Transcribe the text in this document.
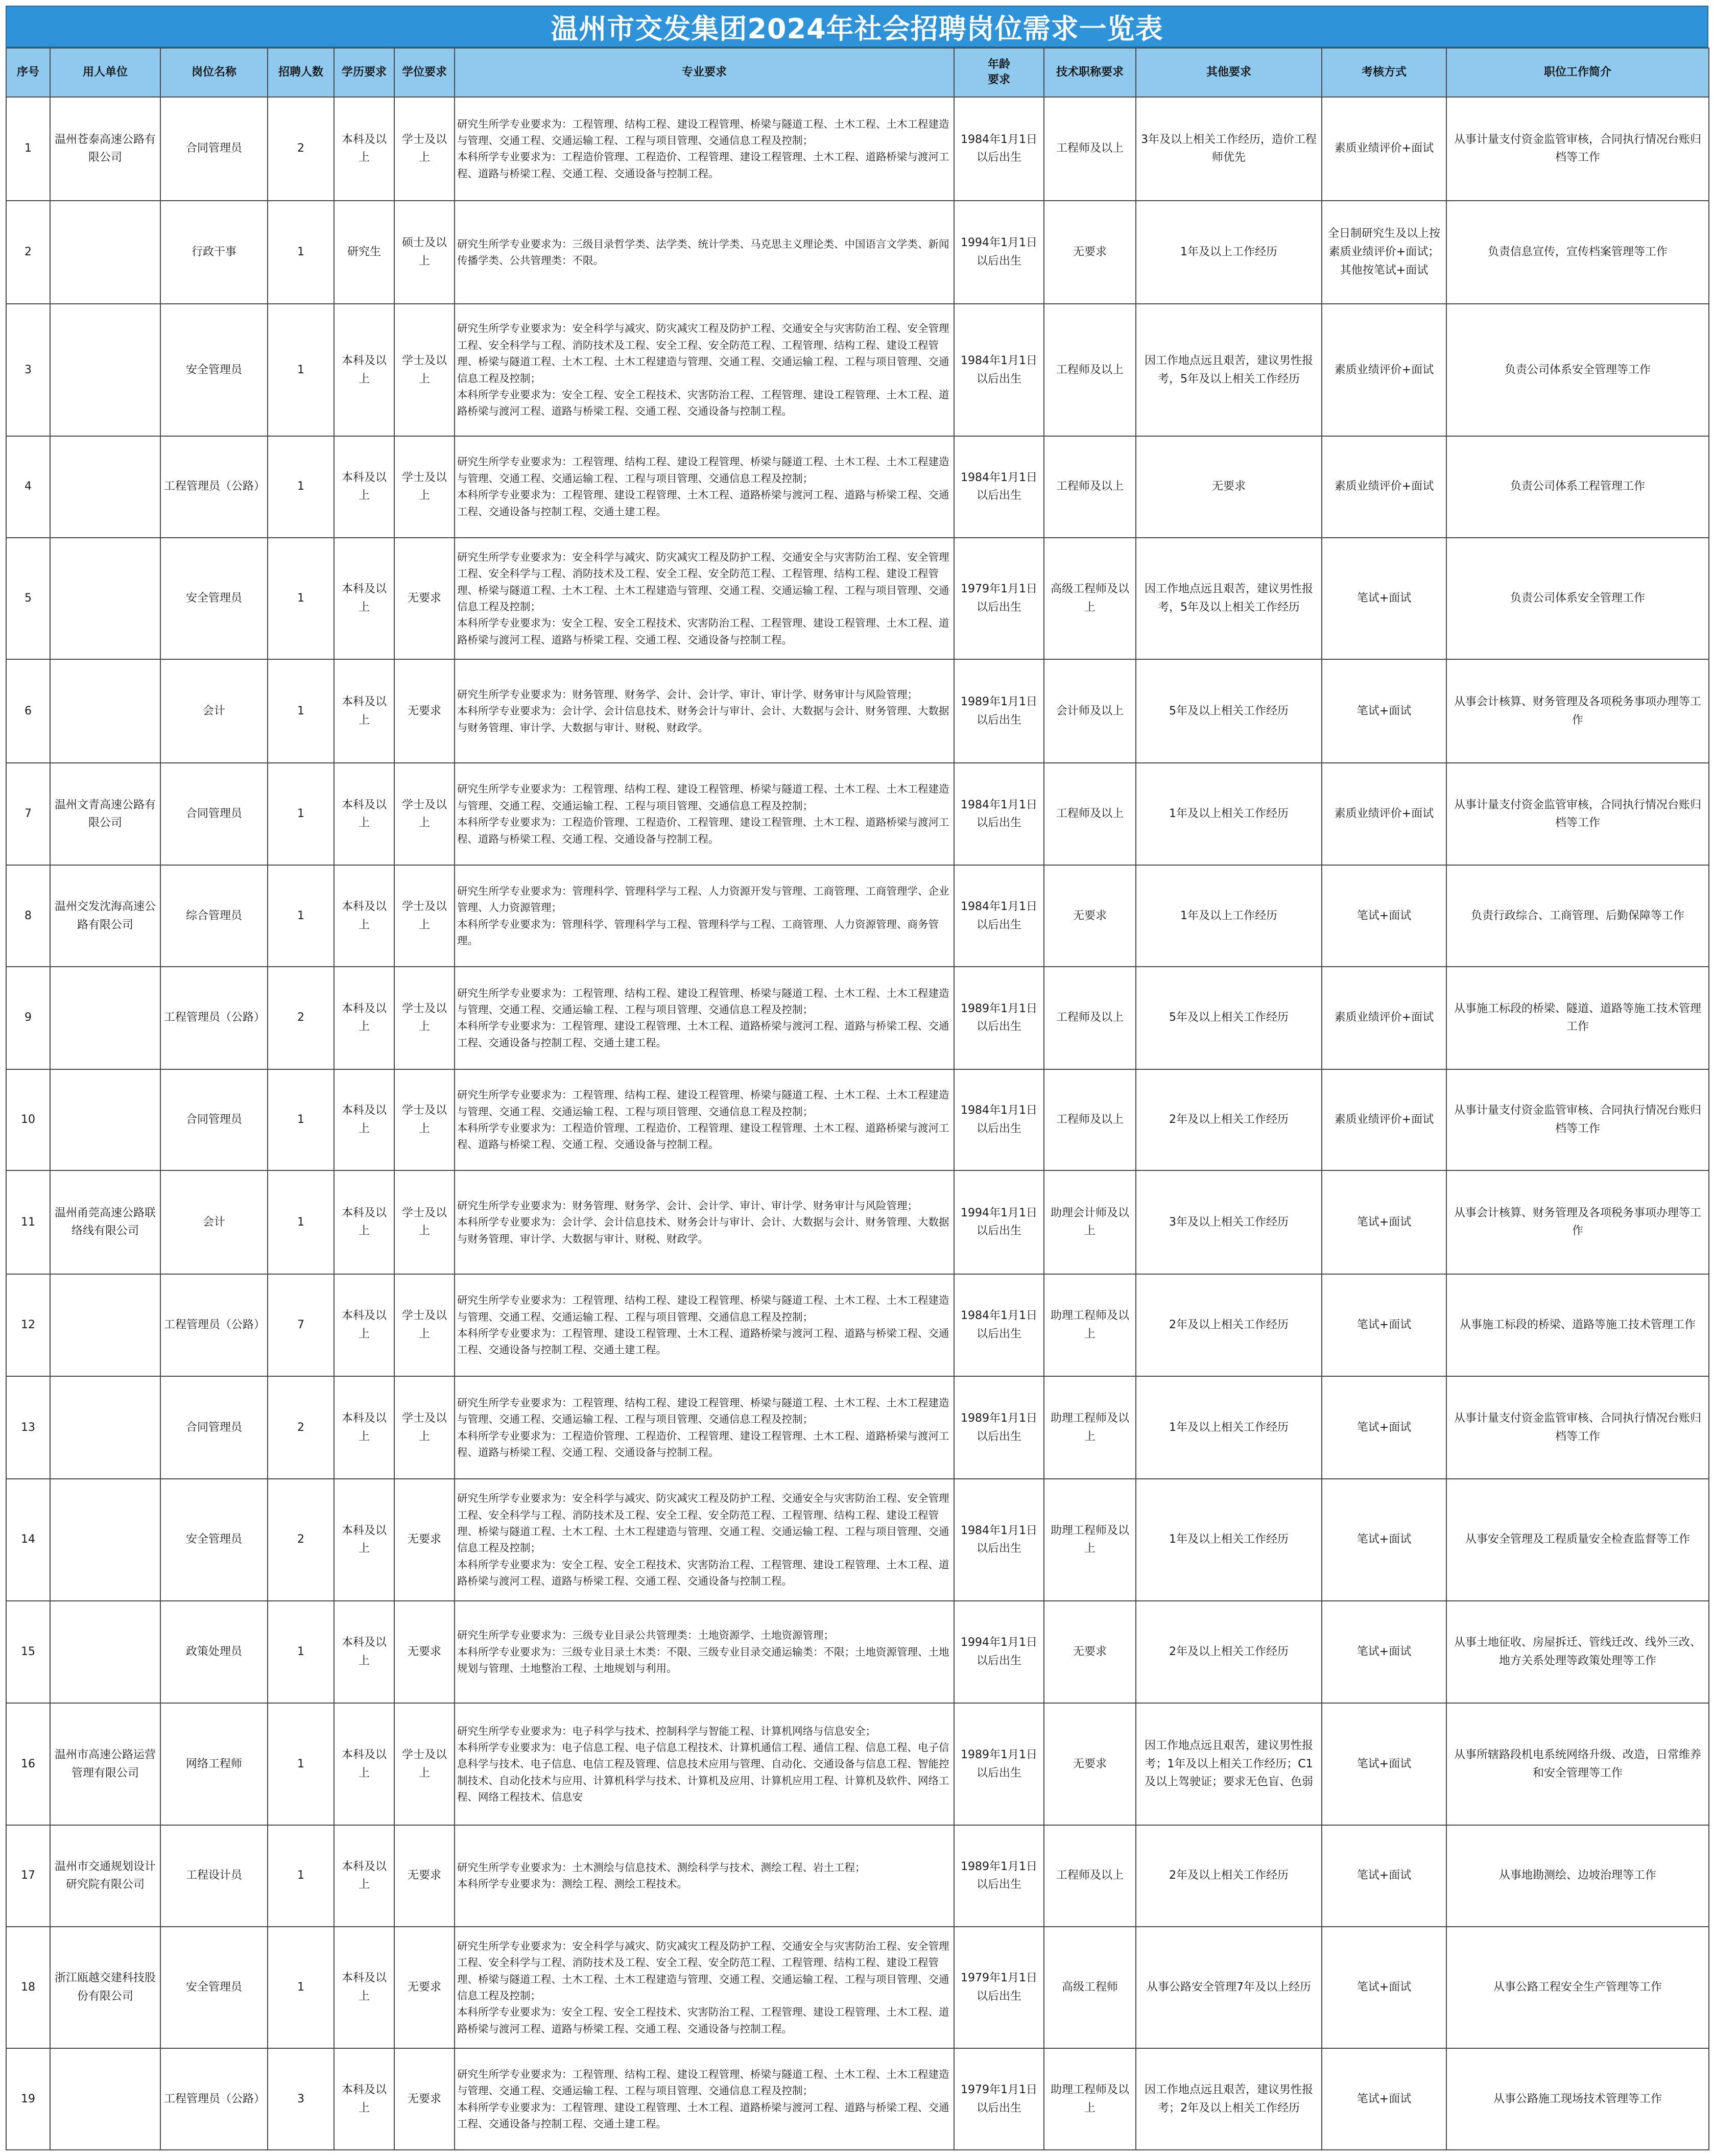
温州市交发集团2024年社会招聘岗位需求一览表
序号	用人单位	岗位名称	招聘人数	学历要求	学位要求	专业要求	年龄
要求	技术职称要求	其他要求	考核方式	职位工作简介
1	温州苍泰高速公路有限公司	合同管理员	2	本科及以上	学士及以上	研究生所学专业要求为：工程管理、结构工程、建设工程管理、桥梁与隧道工程、土木工程、土木工程建造与管理、交通工程、交通运输工程、工程与项目管理、交通信息工程及控制；
本科所学专业要求为：工程造价管理、工程造价、工程管理、建设工程管理、土木工程、道路桥梁与渡河工程、道路与桥梁工程、交通工程、交通设备与控制工程。	1984年1月1日以后出生	工程师及以上	3年及以上相关工作经历，造价工程师优先	素质业绩评价+面试	从事计量支付资金监管审核，合同执行情况台账归档等工作
2		行政干事	1	研究生	硕士及以上	研究生所学专业要求为：三级目录哲学类、法学类、统计学类、马克思主义理论类、中国语言文学类、新闻传播学类、公共管理类：不限。	1994年1月1日以后出生	无要求	1年及以上工作经历	全日制研究生及以上按素质业绩评价+面试；其他按笔试+面试	负责信息宣传，宣传档案管理等工作
3		安全管理员	1	本科及以上	学士及以上	研究生所学专业要求为：安全科学与减灾、防灾减灾工程及防护工程、交通安全与灾害防治工程、安全管理工程、安全科学与工程、消防技术及工程、安全工程、安全防范工程、工程管理、结构工程、建设工程管理、桥梁与隧道工程、土木工程、土木工程建造与管理、交通工程、交通运输工程、工程与项目管理、交通信息工程及控制；
本科所学专业要求为：安全工程、安全工程技术、灾害防治工程、工程管理、建设工程管理、土木工程、道路桥梁与渡河工程、道路与桥梁工程、交通工程、交通设备与控制工程。	1984年1月1日以后出生	工程师及以上	因工作地点远且艰苦，建议男性报考，5年及以上相关工作经历	素质业绩评价+面试	负责公司体系安全管理等工作
4		工程管理员（公路）	1	本科及以上	学士及以上	研究生所学专业要求为：工程管理、结构工程、建设工程管理、桥梁与隧道工程、土木工程、土木工程建造与管理、交通工程、交通运输工程、工程与项目管理、交通信息工程及控制；
本科所学专业要求为：工程管理、建设工程管理、土木工程、道路桥梁与渡河工程、道路与桥梁工程、交通工程、交通设备与控制工程、交通土建工程。	1984年1月1日以后出生	工程师及以上	无要求	素质业绩评价+面试	负责公司体系工程管理工作
5		安全管理员	1	本科及以上	无要求	研究生所学专业要求为：安全科学与减灾、防灾减灾工程及防护工程、交通安全与灾害防治工程、安全管理工程、安全科学与工程、消防技术及工程、安全工程、安全防范工程、工程管理、结构工程、建设工程管理、桥梁与隧道工程、土木工程、土木工程建造与管理、交通工程、交通运输工程、工程与项目管理、交通信息工程及控制；
本科所学专业要求为：安全工程、安全工程技术、灾害防治工程、工程管理、建设工程管理、土木工程、道路桥梁与渡河工程、道路与桥梁工程、交通工程、交通设备与控制工程。	1979年1月1日以后出生	高级工程师及以上	因工作地点远且艰苦，建议男性报考，5年及以上相关工作经历	笔试+面试	负责公司体系安全管理工作
6		会计	1	本科及以上	无要求	研究生所学专业要求为：财务管理、财务学、会计、会计学、审计、审计学、财务审计与风险管理；
本科所学专业要求为：会计学、会计信息技术、财务会计与审计、会计、大数据与会计、财务管理、大数据与财务管理、审计学、大数据与审计、财税、财政学。	1989年1月1日以后出生	会计师及以上	5年及以上相关工作经历	笔试+面试	从事会计核算、财务管理及各项税务事项办理等工作
7	温州文青高速公路有限公司	合同管理员	1	本科及以上	学士及以上	研究生所学专业要求为：工程管理、结构工程、建设工程管理、桥梁与隧道工程、土木工程、土木工程建造与管理、交通工程、交通运输工程、工程与项目管理、交通信息工程及控制；
本科所学专业要求为：工程造价管理、工程造价、工程管理、建设工程管理、土木工程、道路桥梁与渡河工程、道路与桥梁工程、交通工程、交通设备与控制工程。	1984年1月1日以后出生	工程师及以上	1年及以上相关工作经历	素质业绩评价+面试	从事计量支付资金监管审核，合同执行情况台账归档等工作
8	温州交发沈海高速公路有限公司	综合管理员	1	本科及以上	学士及以上	研究生所学专业要求为：管理科学、管理科学与工程、人力资源开发与管理、工商管理、工商管理学、企业管理、人力资源管理；
本科所学专业要求为：管理科学、管理科学与工程、管理科学与工程、工商管理、人力资源管理、商务管理。	1984年1月1日以后出生	无要求	1年及以上工作经历	笔试+面试	负责行政综合、工商管理、后勤保障等工作
9		工程管理员（公路）	2	本科及以上	学士及以上	研究生所学专业要求为：工程管理、结构工程、建设工程管理、桥梁与隧道工程、土木工程、土木工程建造与管理、交通工程、交通运输工程、工程与项目管理、交通信息工程及控制；
本科所学专业要求为：工程管理、建设工程管理、土木工程、道路桥梁与渡河工程、道路与桥梁工程、交通工程、交通设备与控制工程、交通土建工程。	1989年1月1日以后出生	工程师及以上	5年及以上相关工作经历	素质业绩评价+面试	从事施工标段的桥梁、隧道、道路等施工技术管理工作
10		合同管理员	1	本科及以上	学士及以上	研究生所学专业要求为：工程管理、结构工程、建设工程管理、桥梁与隧道工程、土木工程、土木工程建造与管理、交通工程、交通运输工程、工程与项目管理、交通信息工程及控制；
本科所学专业要求为：工程造价管理、工程造价、工程管理、建设工程管理、土木工程、道路桥梁与渡河工程、道路与桥梁工程、交通工程、交通设备与控制工程。	1984年1月1日以后出生	工程师及以上	2年及以上相关工作经历	素质业绩评价+面试	从事计量支付资金监管审核、合同执行情况台账归档等工作
11	温州甬莞高速公路联络线有限公司	会计	1	本科及以上	学士及以上	研究生所学专业要求为：财务管理、财务学、会计、会计学、审计、审计学、财务审计与风险管理；
本科所学专业要求为：会计学、会计信息技术、财务会计与审计、会计、大数据与会计、财务管理、大数据与财务管理、审计学、大数据与审计、财税、财政学。	1994年1月1日以后出生	助理会计师及以上	3年及以上相关工作经历	笔试+面试	从事会计核算、财务管理及各项税务事项办理等工作
12		工程管理员（公路）	7	本科及以上	学士及以上	研究生所学专业要求为：工程管理、结构工程、建设工程管理、桥梁与隧道工程、土木工程、土木工程建造与管理、交通工程、交通运输工程、工程与项目管理、交通信息工程及控制；
本科所学专业要求为：工程管理、建设工程管理、土木工程、道路桥梁与渡河工程、道路与桥梁工程、交通工程、交通设备与控制工程、交通土建工程。	1984年1月1日以后出生	助理工程师及以上	2年及以上相关工作经历	笔试+面试	从事施工标段的桥梁、道路等施工技术管理工作
13		合同管理员	2	本科及以上	学士及以上	研究生所学专业要求为：工程管理、结构工程、建设工程管理、桥梁与隧道工程、土木工程、土木工程建造与管理、交通工程、交通运输工程、工程与项目管理、交通信息工程及控制；
本科所学专业要求为：工程造价管理、工程造价、工程管理、建设工程管理、土木工程、道路桥梁与渡河工程、道路与桥梁工程、交通工程、交通设备与控制工程。	1989年1月1日以后出生	助理工程师及以上	1年及以上相关工作经历	笔试+面试	从事计量支付资金监管审核、合同执行情况台账归档等工作
14		安全管理员	2	本科及以上	无要求	研究生所学专业要求为：安全科学与减灾、防灾减灾工程及防护工程、交通安全与灾害防治工程、安全管理工程、安全科学与工程、消防技术及工程、安全工程、安全防范工程、工程管理、结构工程、建设工程管理、桥梁与隧道工程、土木工程、土木工程建造与管理、交通工程、交通运输工程、工程与项目管理、交通信息工程及控制；
本科所学专业要求为：安全工程、安全工程技术、灾害防治工程、工程管理、建设工程管理、土木工程、道路桥梁与渡河工程、道路与桥梁工程、交通工程、交通设备与控制工程。	1984年1月1日以后出生	助理工程师及以上	1年及以上相关工作经历	笔试+面试	从事安全管理及工程质量安全检查监督等工作
15		政策处理员	1	本科及以上	无要求	研究生所学专业要求为：三级专业目录公共管理类：土地资源学、土地资源管理；
本科所学专业要求为：三级专业目录土木类：不限、三级专业目录交通运输类：不限；土地资源管理、土地规划与管理、土地整治工程、土地规划与利用。	1994年1月1日以后出生	无要求	2年及以上相关工作经历	笔试+面试	从事土地征收、房屋拆迁、管线迁改、线外三改、地方关系处理等政策处理等工作
16	温州市高速公路运营管理有限公司	网络工程师	1	本科及以上	学士及以上	研究生所学专业要求为：电子科学与技术、控制科学与智能工程、计算机网络与信息安全；
本科所学专业要求为：电子信息工程、电子信息工程技术、计算机通信工程、通信工程、信息工程、电子信息科学与技术、电子信息、电信工程及管理、信息技术应用与管理、自动化、交通设备与信息工程、智能控制技术、自动化技术与应用、计算机科学与技术、计算机及应用、计算机应用工程、计算机及软件、网络工程、网络工程技术、信息安	1989年1月1日以后出生	无要求	因工作地点远且艰苦，建议男性报考；1年及以上相关工作经历；C1及以上驾驶证；要求无色盲、色弱	笔试+面试	从事所辖路段机电系统网络升级、改造，日常维养和安全管理等工作
17	温州市交通规划设计研究院有限公司	工程设计员	1	本科及以上	无要求	研究生所学专业要求为：土木测绘与信息技术、测绘科学与技术、测绘工程、岩土工程；
本科所学专业要求为：测绘工程、测绘工程技术。	1989年1月1日以后出生	工程师及以上	2年及以上相关工作经历	笔试+面试	从事地勘测绘、边坡治理等工作
18	浙江瓯越交建科技股份有限公司	安全管理员	1	本科及以上	无要求	研究生所学专业要求为：安全科学与减灾、防灾减灾工程及防护工程、交通安全与灾害防治工程、安全管理工程、安全科学与工程、消防技术及工程、安全工程、安全防范工程、工程管理、结构工程、建设工程管理、桥梁与隧道工程、土木工程、土木工程建造与管理、交通工程、交通运输工程、工程与项目管理、交通信息工程及控制；
本科所学专业要求为：安全工程、安全工程技术、灾害防治工程、工程管理、建设工程管理、土木工程、道路桥梁与渡河工程、道路与桥梁工程、交通工程、交通设备与控制工程。	1979年1月1日以后出生	高级工程师	从事公路安全管理7年及以上经历	笔试+面试	从事公路工程安全生产管理等工作
19		工程管理员（公路）	3	本科及以上	无要求	研究生所学专业要求为：工程管理、结构工程、建设工程管理、桥梁与隧道工程、土木工程、土木工程建造与管理、交通工程、交通运输工程、工程与项目管理、交通信息工程及控制；
本科所学专业要求为：工程管理、建设工程管理、土木工程、道路桥梁与渡河工程、道路与桥梁工程、交通工程、交通设备与控制工程、交通土建工程。	1979年1月1日以后出生	助理工程师及以上	因工作地点远且艰苦，建议男性报考；2年及以上相关工作经历	笔试+面试	从事公路施工现场技术管理等工作
